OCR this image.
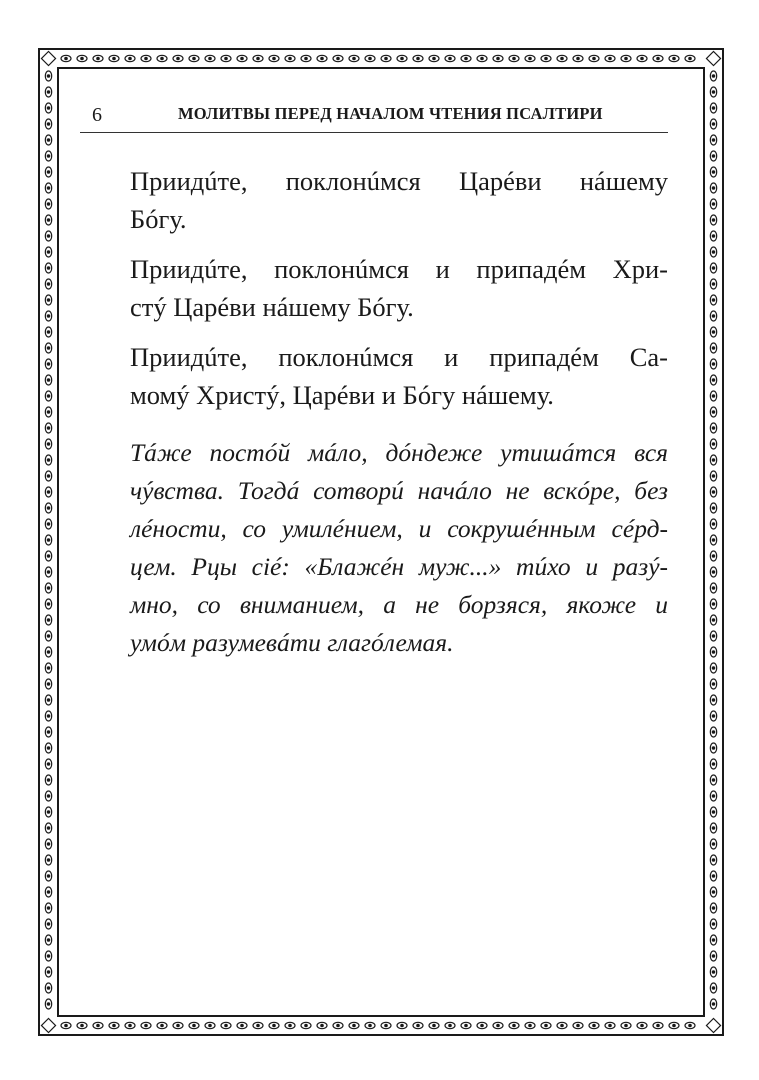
6	МОЛИТВЫ ПЕРЕД НАЧАЛОМ ЧТЕНИЯ ПСАЛТИРИ

Приидúте, поклонúмся Царéви нáшему
Бóгу.

Приидúте, поклонúмся и припадéм Хри-
стý Царéви нáшему Бóгу.

Приидúте, поклонúмся и припадéм Са-
момý Христý, Царéви и Бóгу нáшему.

Тáже постóй мáло, дóндеже утишáтся вся
чýвства. Тогдá сотворú начáло не вскóре, без
лéности, со умилéнием, и сокрушéнным сéрд-
цем. Рцы сié: «Блажéн муж...» тúхо и разý-
мно, со вниманием, а не борзяся, якоже и
умóм разумевáти глагóлемая.
